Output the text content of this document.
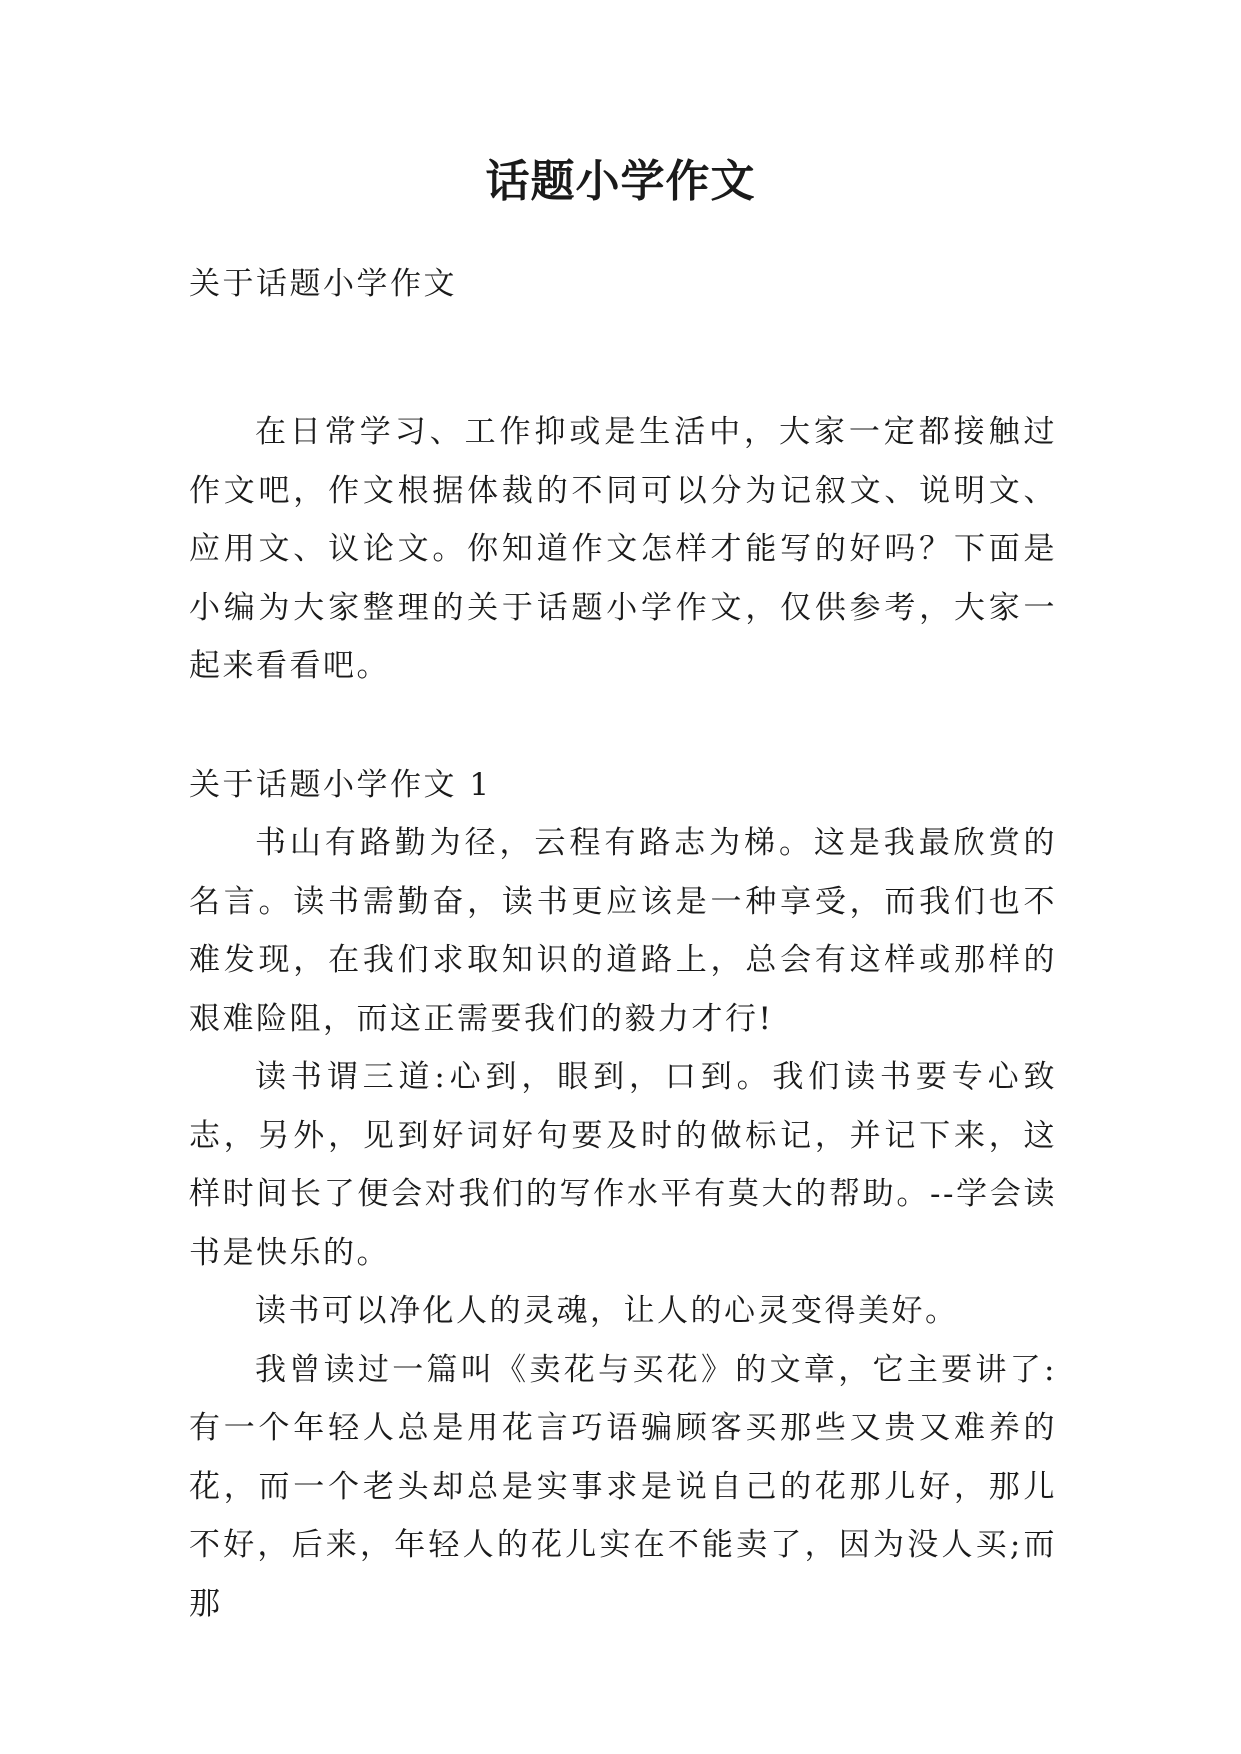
话题小学作文
关于话题小学作文
在日常学习、工作抑或是生活中，大家一定都接触过作文吧，作文根据体裁的不同可以分为记叙文、说明文、应用文、议论文。你知道作文怎样才能写的好吗？下面是小编为大家整理的关于话题小学作文，仅供参考，大家一起来看看吧。
关于话题小学作文 1

书山有路勤为径，云程有路志为梯。这是我最欣赏的名言。读书需勤奋，读书更应该是一种享受，而我们也不难发现，在我们求取知识的道路上，总会有这样或那样的艰难险阻，而这正需要我们的毅力才行!

读书谓三道:心到，眼到，口到。我们读书要专心致志，另外，见到好词好句要及时的做标记，并记下来，这样时间长了便会对我们的写作水平有莫大的帮助。--学会读书是快乐的。

读书可以净化人的灵魂，让人的心灵变得美好。

我曾读过一篇叫《卖花与买花》的文章，它主要讲了:有一个年轻人总是用花言巧语骗顾客买那些又贵又难养的花，而一个老头却总是实事求是说自己的花那儿好，那儿不好，后来，年轻人的花儿实在不能卖了，因为没人买;而那
